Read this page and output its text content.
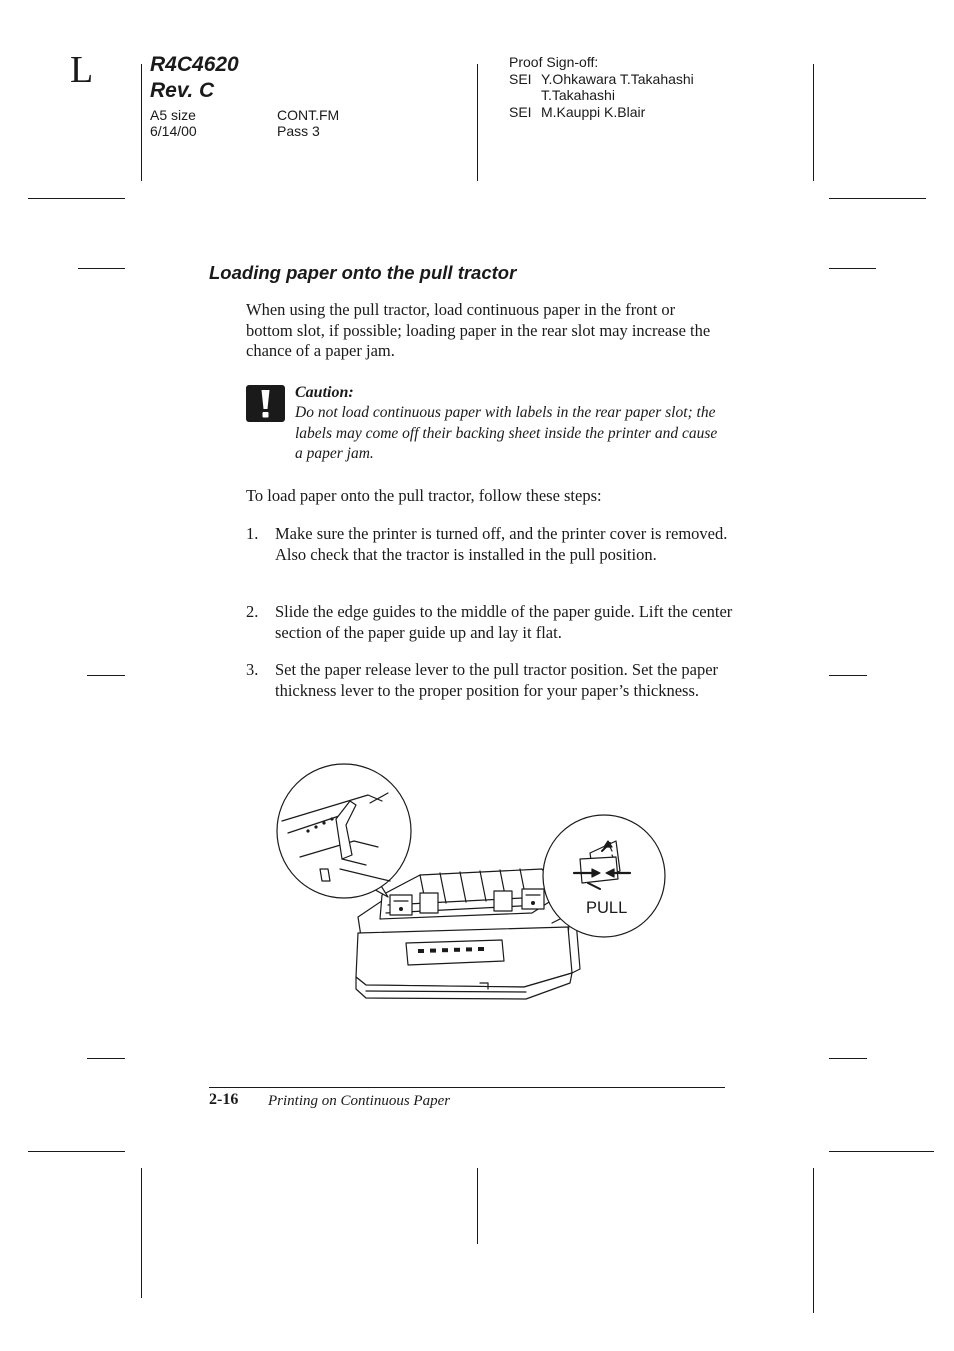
L	R4C4620
Rev. C
A5 size
6/14/00
CONT.FM
Pass 3
Proof Sign-off:
SEI Y.Ohkawara T.Takahashi
T.Takahashi
SEI M.Kauppi K.Blair
Loading paper onto the pull tractor
When using the pull tractor, load continuous paper in the front or bottom slot, if possible; loading paper in the rear slot may increase the chance of a paper jam.
Caution:
Do not load continuous paper with labels in the rear paper slot; the labels may come off their backing sheet inside the printer and cause a paper jam.
To load paper onto the pull tractor, follow these steps:
1. Make sure the printer is turned off, and the printer cover is removed. Also check that the tractor is installed in the pull position.
2. Slide the edge guides to the middle of the paper guide. Lift the center section of the paper guide up and lay it flat.
3. Set the paper release lever to the pull tractor position. Set the paper thickness lever to the proper position for your paper’s thickness.
PULL
2-16 Printing on Continuous Paper
